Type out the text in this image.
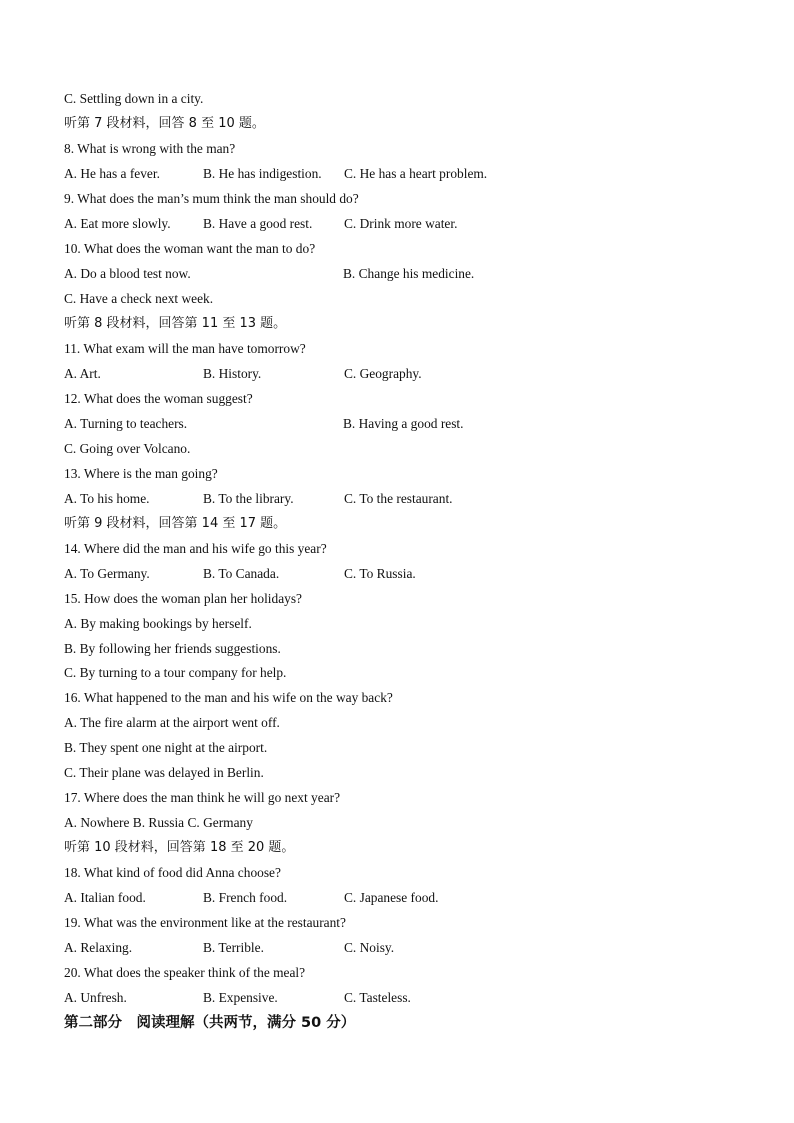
C. Settling down in a city.
听第 7 段材料，回答 8 至 10 题。
8. What is wrong with the man?
A. He has a fever.	B. He has indigestion. C. He has a heart problem.
9. What does the man’s mum think the man should do?
A. Eat more slowly. B. Have a good rest. C. Drink more water.
10. What does the woman want the man to do?
A. Do a blood test now.	B. Change his medicine.
C. Have a check next week.
听第 8 段材料，回答第 11 至 13 题。
11. What exam will the man have tomorrow?
A. Art.	B. History.	C. Geography.
12. What does the woman suggest?
A. Turning to teachers.	B. Having a good rest.
C. Going over Volcano.
13. Where is the man going?
A. To his home.	B. To the library.	C. To the restaurant.
听第 9 段材料，回答第 14 至 17 题。
14. Where did the man and his wife go this year?
A. To Germany.	B. To Canada.	C. To Russia.
15. How does the woman plan her holidays?
A. By making bookings by herself.
B. By following her friends suggestions.
C. By turning to a tour company for help.
16. What happened to the man and his wife on the way back?
A. The fire alarm at the airport went off.
B. They spent one night at the airport.
C. Their plane was delayed in Berlin.
17. Where does the man think he will go next year?
A. Nowhere B. Russia C. Germany
听第 10 段材料，回答第 18 至 20 题。
18. What kind of food did Anna choose?
A. Italian food.	B. French food.	C. Japanese food.
19. What was the environment like at the restaurant?
A. Relaxing.	B. Terrible.	C. Noisy.
20. What does the speaker think of the meal?
A. Unfresh.	B. Expensive.	C. Tasteless.
第二部分　阅读理解（共两节，满分 50 分）
